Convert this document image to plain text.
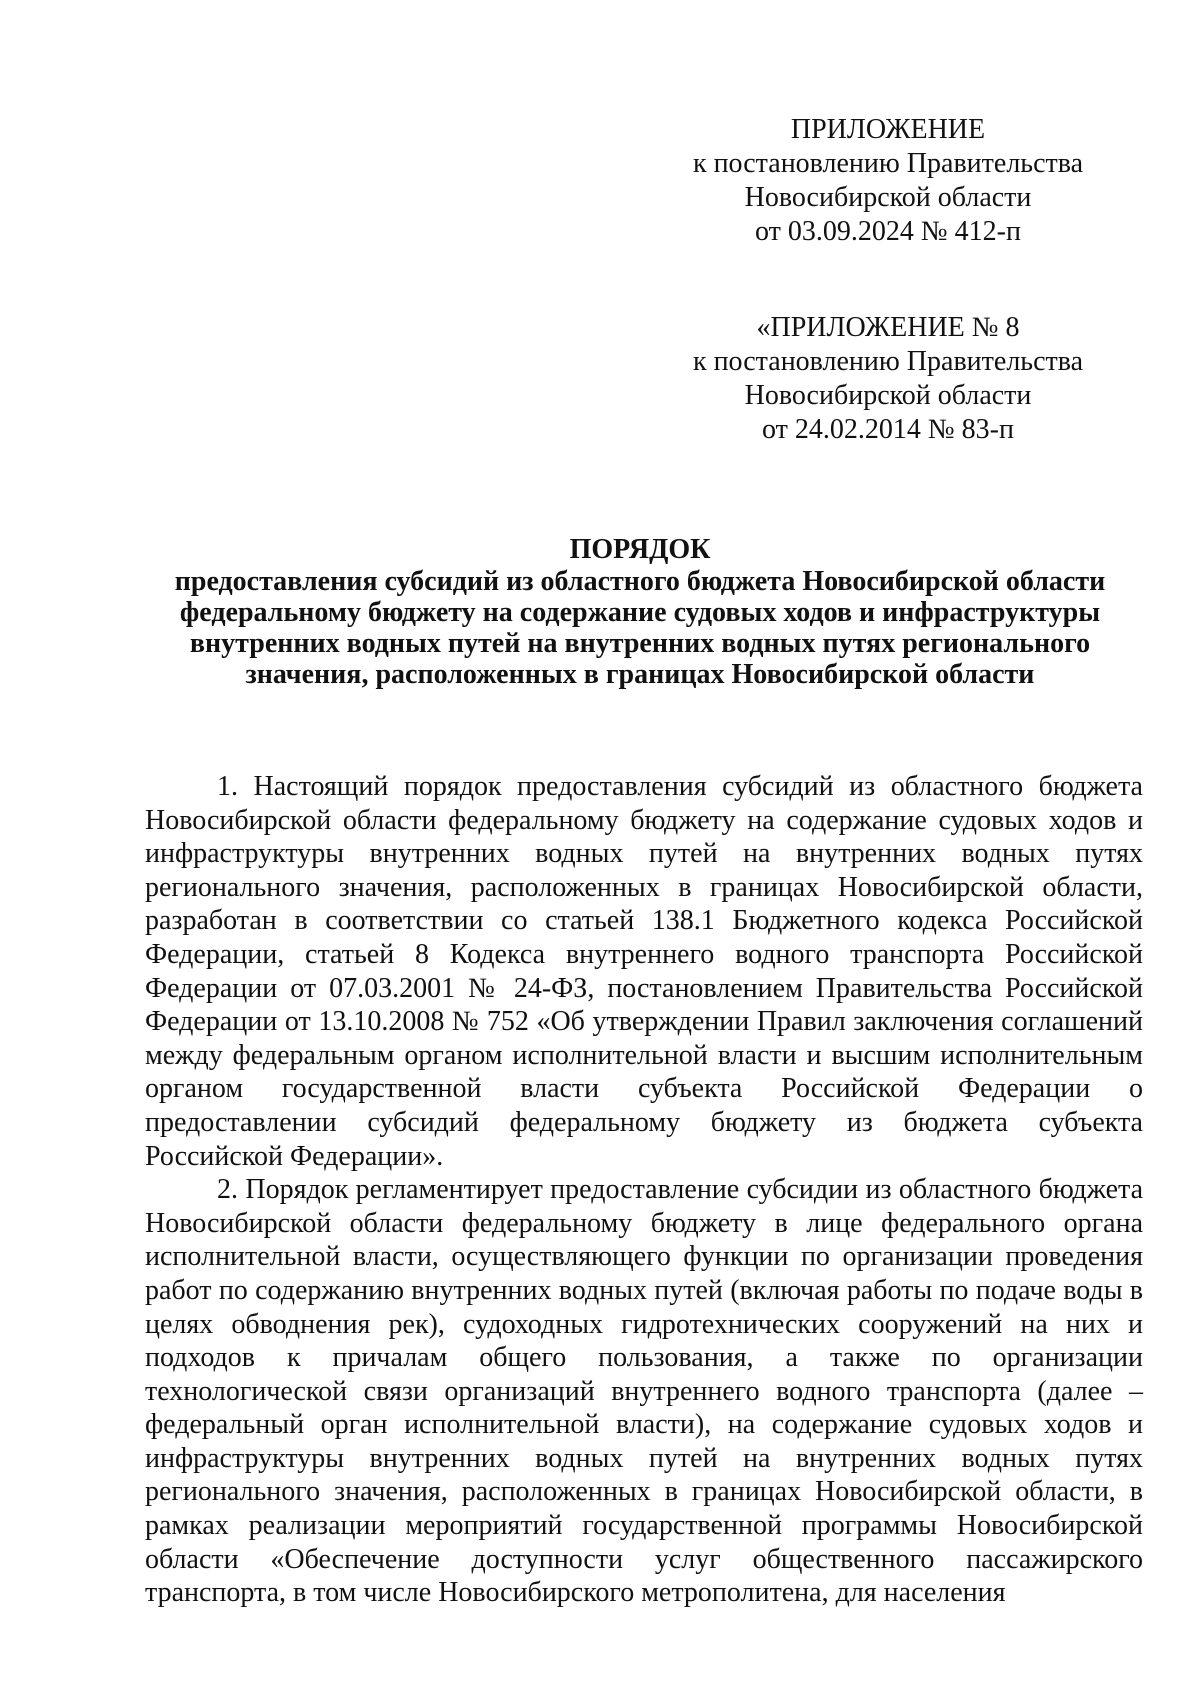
ПРИЛОЖЕНИЕ
к постановлению Правительства
Новосибирской области
от 03.09.2024 № 412-п
«ПРИЛОЖЕНИЕ № 8
к постановлению Правительства
Новосибирской области
от 24.02.2014 № 83-п
ПОРЯДОК
предоставления субсидий из областного бюджета Новосибирской области федеральному бюджету на содержание судовых ходов и инфраструктуры внутренних водных путей на внутренних водных путях регионального значения, расположенных в границах Новосибирской области

1. Настоящий порядок предоставления субсидий из областного бюджета Новосибирской области федеральному бюджету на содержание судовых ходов и инфраструктуры внутренних водных путей на внутренних водных путях регионального значения, расположенных в границах Новосибирской области, разработан в соответствии со статьей 138.1 Бюджетного кодекса Российской Федерации, статьей 8 Кодекса внутреннего водного транспорта Российской Федерации от 07.03.2001 № 24-ФЗ, постановлением Правительства Российской Федерации от 13.10.2008 № 752 «Об утверждении Правил заключения соглашений между федеральным органом исполнительной власти и высшим исполнительным органом государственной власти субъекта Российской Федерации о предоставлении субсидий федеральному бюджету из бюджета субъекта Российской Федерации».

2. Порядок регламентирует предоставление субсидии из областного бюджета Новосибирской области федеральному бюджету в лице федерального органа исполнительной власти, осуществляющего функции по организации проведения работ по содержанию внутренних водных путей (включая работы по подаче воды в целях обводнения рек), судоходных гидротехнических сооружений на них и подходов к причалам общего пользования, а также по организации технологической связи организаций внутреннего водного транспорта (далее – федеральный орган исполнительной власти), на содержание судовых ходов и инфраструктуры внутренних водных путей на внутренних водных путях регионального значения, расположенных в границах Новосибирской области, в рамках реализации мероприятий государственной программы Новосибирской области «Обеспечение доступности услуг общественного пассажирского транспорта, в том числе Новосибирского метрополитена, для населения
